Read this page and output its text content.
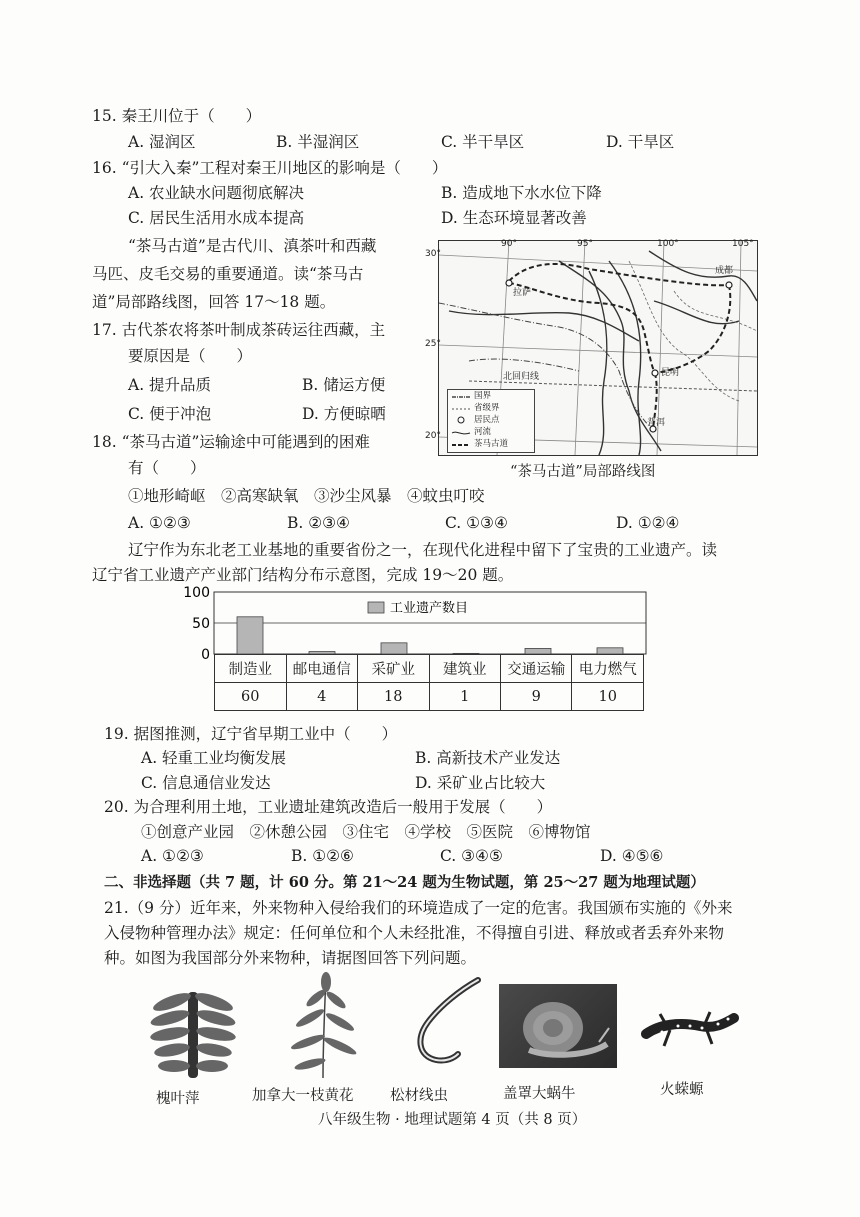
15. 秦王川位于（　　）
A. 湿润区	B. 半湿润区	C. 半干旱区	D. 干旱区
16. “引大入秦”工程对秦王川地区的影响是（　　）
A. 农业缺水问题彻底解决	B. 造成地下水水位下降
C. 居民生活用水成本提高	D. 生态环境显著改善
“茶马古道”是古代川、滇茶叶和西藏
马匹、皮毛交易的重要通道。读“茶马古
道”局部路线图，回答 17～18 题。
17. 古代茶农将茶叶制成茶砖运往西藏，主
要原因是（　　）
A. 提升品质	B. 储运方便
C. 便于冲泡	D. 方便晾晒
18. “茶马古道”运输途中可能遇到的困难
有（　　）
①地形崎岖　②高寒缺氧　③沙尘风暴　④蚊虫叮咬
A. ①②③	B. ②③④	C. ①③④	D. ①②④
90°	95°	100°	105°
30°
25°
20°
拉萨
成都
昆明
普洱
北回归线
国界
省级界
居民点
河流
茶马古道
“茶马古道”局部路线图
辽宁作为东北老工业基地的重要省份之一，在现代化进程中留下了宝贵的工业遗产。读
辽宁省工业遗产产业部门结构分布示意图，完成 19～20 题。
100
50
0
工业遗产数目
制造业	邮电通信	采矿业	建筑业	交通运输	电力燃气
60	4	18	1	9	10
19. 据图推测，辽宁省早期工业中（　　）
A. 轻重工业均衡发展	B. 高新技术产业发达
C. 信息通信业发达	D. 采矿业占比较大
20. 为合理利用土地，工业遗址建筑改造后一般用于发展（　　）
①创意产业园　②休憩公园　③住宅　④学校　⑤医院　⑥博物馆
A. ①②③	B. ①②⑥	C. ③④⑤	D. ④⑤⑥
二、非选择题（共 7 题，计 60 分。第 21～24 题为生物试题，第 25～27 题为地理试题）
21.（9 分）近年来，外来物种入侵给我们的环境造成了一定的危害。我国颁布实施的《外来
入侵物种管理办法》规定：任何单位和个人未经批准，不得擅自引进、释放或者丢弃外来物
种。如图为我国部分外来物种，请据图回答下列问题。
槐叶萍	加拿大一枝黄花	松材线虫	盖罩大蜗牛	火蝾螈
八年级生物 · 地理试题第 4 页（共 8 页）
